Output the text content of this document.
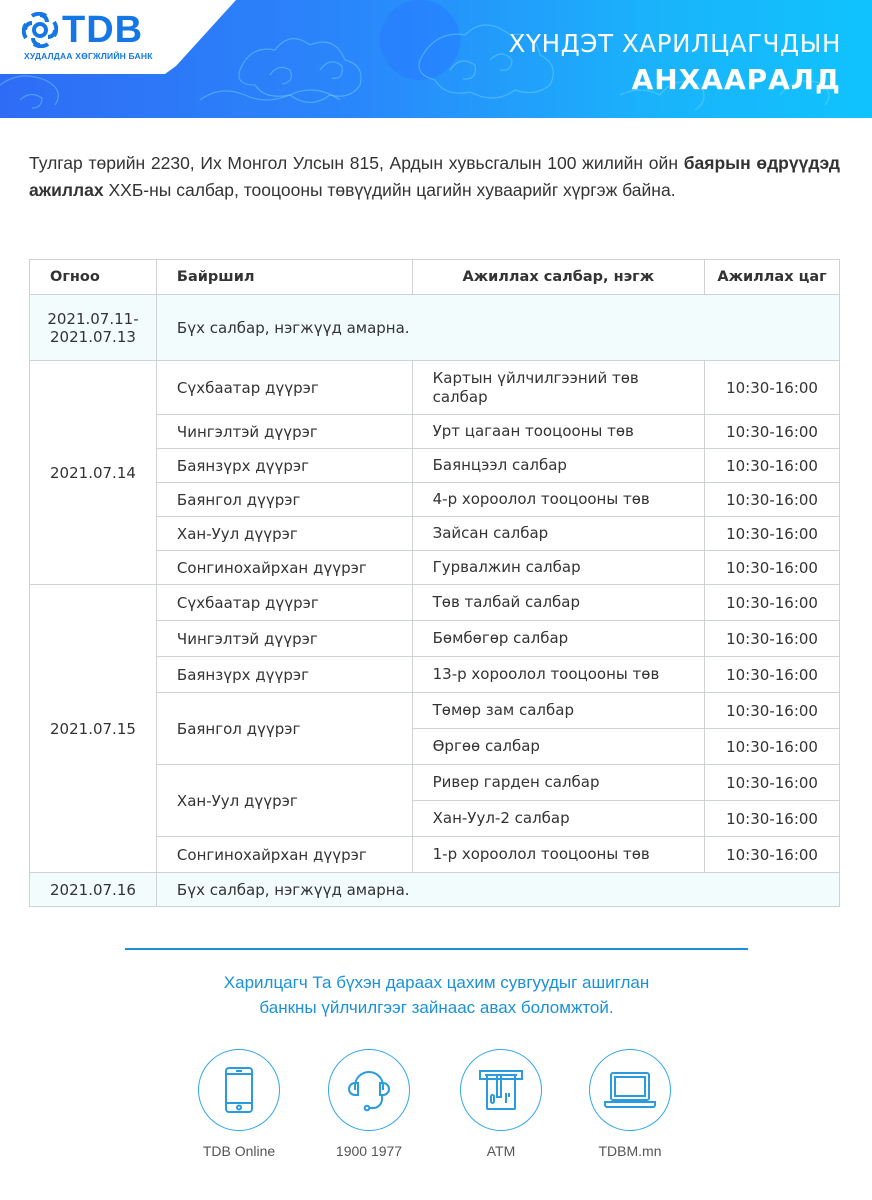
TDB
ХУДАЛДАА ХӨГЖЛИЙН БАНК	ХҮНДЭТ ХАРИЛЦАГЧДЫН
АНХААРАЛД

Тулгар төрийн 2230, Их Монгол Улсын 815, Ардын хувьсгалын 100 жилийн ойн баярын өдрүүдэд ажиллах ХХБ-ны салбар, тооцооны төвүүдийн цагийн хуваарийг хүргэж байна.

Огноо	Байршил	Ажиллах салбар, нэгж	Ажиллах цаг
2021.07.11-
2021.07.13	Бүх салбар, нэгжүүд амарна.		
2021.07.14	Сүхбаатар дүүрэг	Картын үйлчилгээний төв салбар	10:30-16:00
	Чингэлтэй дүүрэг	Урт цагаан тооцооны төв	10:30-16:00
	Баянзүрх дүүрэг	Баянцээл салбар	10:30-16:00
	Баянгол дүүрэг	4-р хороолол тооцооны төв	10:30-16:00
	Хан-Уул дүүрэг	Зайсан салбар	10:30-16:00
	Сонгинохайрхан дүүрэг	Гурвалжин салбар	10:30-16:00
2021.07.15	Сүхбаатар дүүрэг	Төв талбай салбар	10:30-16:00
	Чингэлтэй дүүрэг	Бөмбөгөр салбар	10:30-16:00
	Баянзүрх дүүрэг	13-р хороолол тооцооны төв	10:30-16:00
	Баянгол дүүрэг	Төмөр зам салбар	10:30-16:00
		Өргөө салбар	10:30-16:00
	Хан-Уул дүүрэг	Ривер гарден салбар	10:30-16:00
		Хан-Уул-2 салбар	10:30-16:00
	Сонгинохайрхан дүүрэг	1-р хороолол тооцооны төв	10:30-16:00
2021.07.16	Бүх салбар, нэгжүүд амарна.		
Харилцагч Та бүхэн дараах цахим сувгуудыг ашиглан
банкны үйлчилгээг зайнаас авах боломжтой.
TDB Online	1900 1977	ATM	TDBM.mn
